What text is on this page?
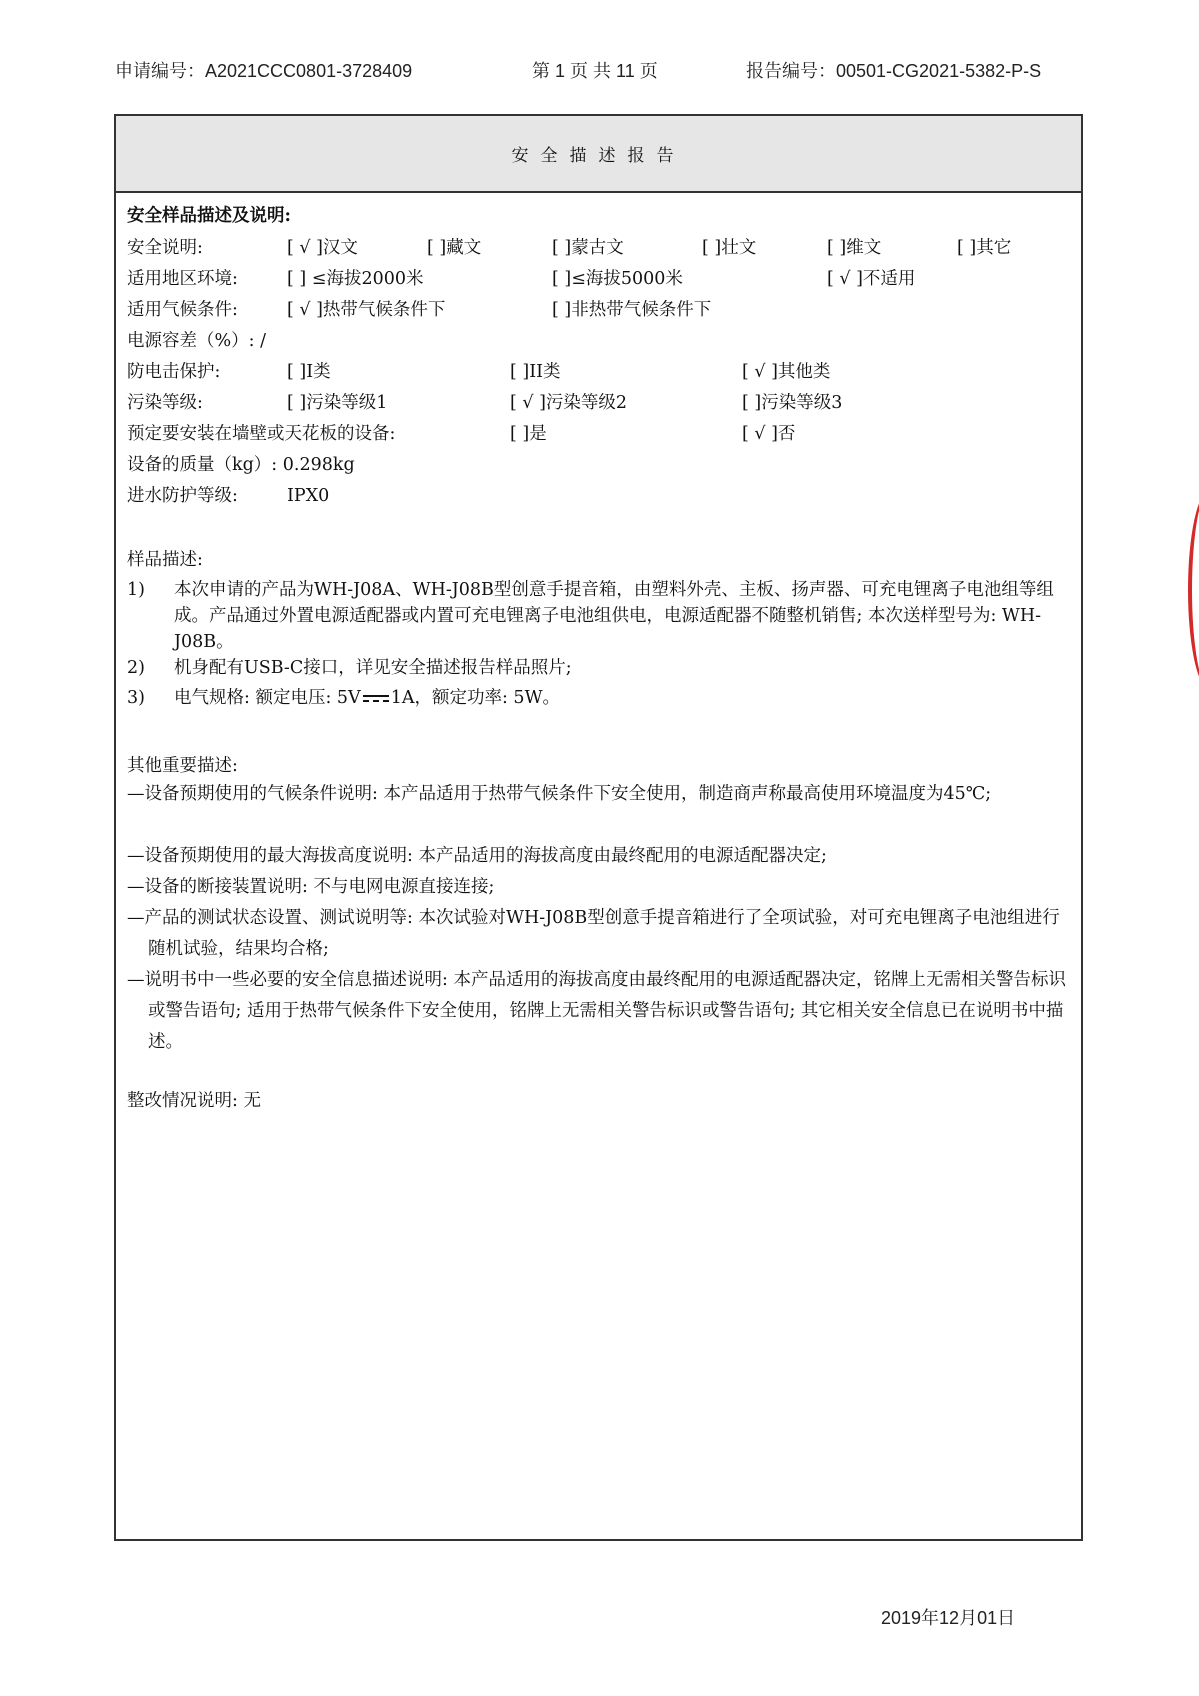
申请编号：A2021CCC0801-3728409	第 1 页 共 11 页	报告编号：00501-CG2021-5382-P-S
安全描述报告
安全样品描述及说明:
安全说明:	[ √ ]汉文	[ ]藏文	[ ]蒙古文	[ ]壮文	[ ]维文	[ ]其它
适用地区环境:	[ ] ≤海拔2000米	[ ]≤海拔5000米	[ √ ]不适用
适用气候条件:	[ √ ]热带气候条件下	[ ]非热带气候条件下
电源容差（%）: /
防电击保护:	[ ]I类	[ ]II类	[ √ ]其他类
污染等级:	[ ]污染等级1	[ √ ]污染等级2	[ ]污染等级3
预定要安装在墙壁或天花板的设备:	[ ]是	[ √ ]否
设备的质量（kg）: 0.298kg
进水防护等级:	IPX0
样品描述:
1) 本次申请的产品为WH-J08A、WH-J08B型创意手提音箱，由塑料外壳、主板、扬声器、可充电锂离子电池组等组成。产品通过外置电源适配器或内置可充电锂离子电池组供电，电源适配器不随整机销售; 本次送样型号为: WH-J08B。
2) 机身配有USB-C接口，详见安全描述报告样品照片;
3) 电气规格: 额定电压: 5V 1A，额定功率: 5W。
其他重要描述:
—设备预期使用的气候条件说明: 本产品适用于热带气候条件下安全使用，制造商声称最高使用环境温度为45℃;
—设备预期使用的最大海拔高度说明: 本产品适用的海拔高度由最终配用的电源适配器决定;
—设备的断接装置说明: 不与电网电源直接连接;
—产品的测试状态设置、测试说明等: 本次试验对WH-J08B型创意手提音箱进行了全项试验，对可充电锂离子电池组进行随机试验，结果均合格;
—说明书中一些必要的安全信息描述说明: 本产品适用的海拔高度由最终配用的电源适配器决定，铭牌上无需相关警告标识或警告语句; 适用于热带气候条件下安全使用，铭牌上无需相关警告标识或警告语句; 其它相关安全信息已在说明书中描述。
整改情况说明: 无
2019年12月01日
